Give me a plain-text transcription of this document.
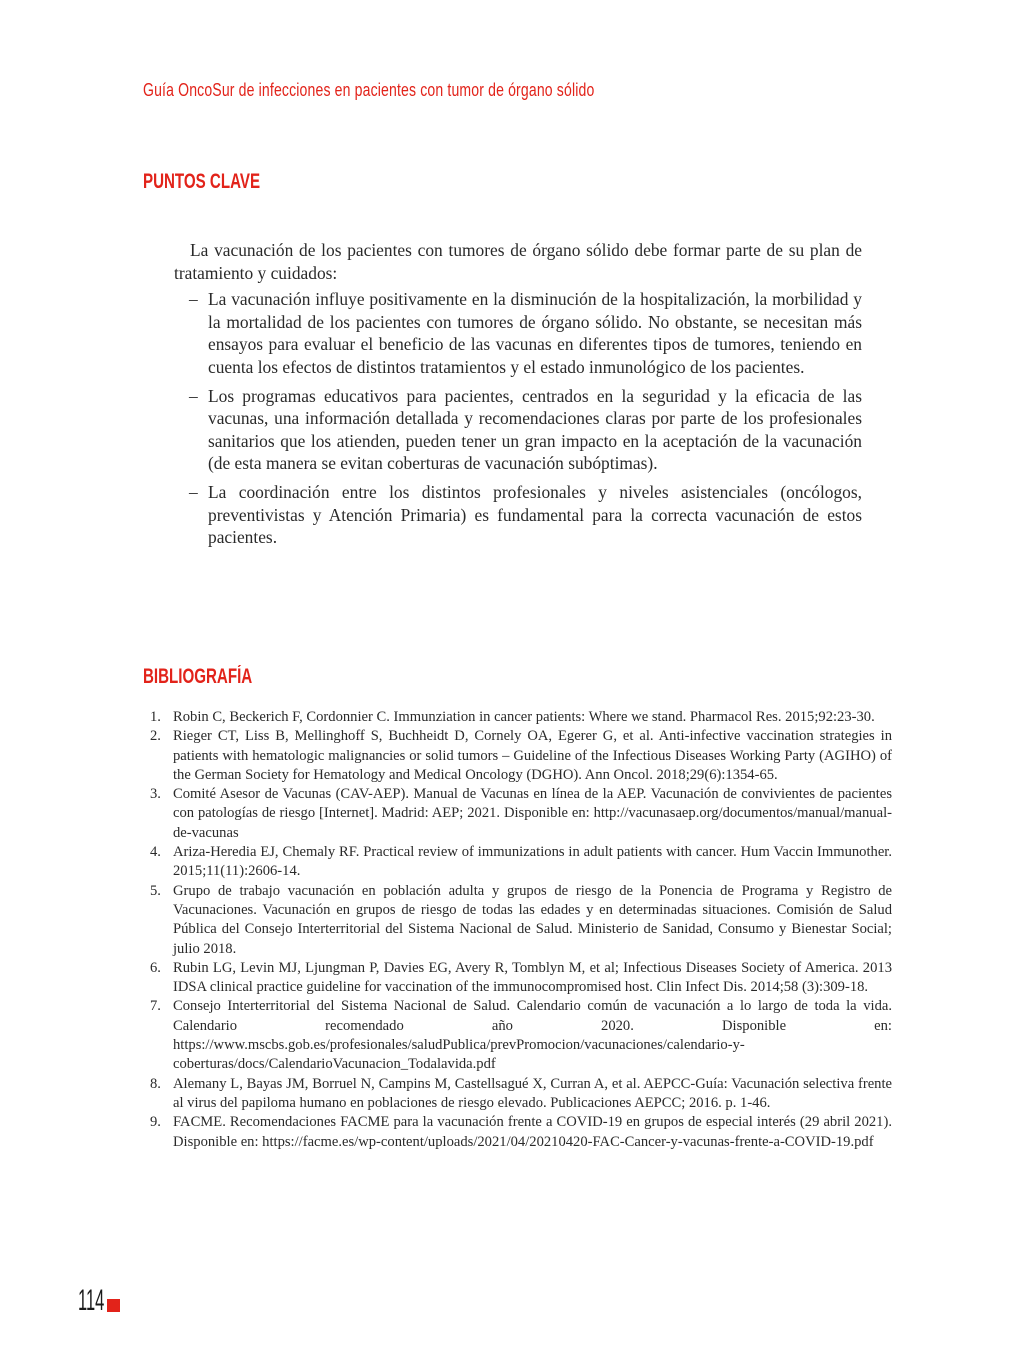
Guía OncoSur de infecciones en pacientes con tumor de órgano sólido
PUNTOS CLAVE

La vacunación de los pacientes con tumores de órgano sólido debe formar parte de su plan de tratamiento y cuidados:

– La vacunación influye positivamente en la disminución de la hospitalización, la morbilidad y la mortalidad de los pacientes con tumores de órgano sólido. No obstante, se necesitan más ensayos para evaluar el beneficio de las vacunas en diferentes tipos de tumores, teniendo en cuenta los efectos de distintos tratamientos y el estado inmunológico de los pacientes.
– Los programas educativos para pacientes, centrados en la seguridad y la eficacia de las vacunas, una información detallada y recomendaciones claras por parte de los profesionales sanitarios que los atienden, pueden tener un gran impacto en la aceptación de la vacunación (de esta manera se evitan coberturas de vacunación subóptimas).
– La coordinación entre los distintos profesionales y niveles asistenciales (oncólogos, preventivistas y Atención Primaria) es fundamental para la correcta vacunación de estos pacientes.
BIBLIOGRAFÍA
1. Robin C, Beckerich F, Cordonnier C. Immunziation in cancer patients: Where we stand. Pharmacol Res. 2015;92:23-30.
2. Rieger CT, Liss B, Mellinghoff S, Buchheidt D, Cornely OA, Egerer G, et al. Anti-infective vaccination strategies in patients with hematologic malignancies or solid tumors – Guideline of the Infectious Diseases Working Party (AGIHO) of the German Society for Hematology and Medical Oncology (DGHO). Ann Oncol. 2018;29(6):1354-65.
3. Comité Asesor de Vacunas (CAV-AEP). Manual de Vacunas en línea de la AEP. Vacunación de convivientes de pacientes con patologías de riesgo [Internet]. Madrid: AEP; 2021. Disponible en: http://vacunasaep.org/documentos/manual/manual-de-vacunas
4. Ariza-Heredia EJ, Chemaly RF. Practical review of immunizations in adult patients with cancer. Hum Vaccin Immunother. 2015;11(11):2606-14.
5. Grupo de trabajo vacunación en población adulta y grupos de riesgo de la Ponencia de Programa y Registro de Vacunaciones. Vacunación en grupos de riesgo de todas las edades y en determinadas situaciones. Comisión de Salud Pública del Consejo Interterritorial del Sistema Nacional de Salud. Ministerio de Sanidad, Consumo y Bienestar Social; julio 2018.
6. Rubin LG, Levin MJ, Ljungman P, Davies EG, Avery R, Tomblyn M, et al; Infectious Diseases Society of America. 2013 IDSA clinical practice guideline for vaccination of the immunocompromised host. Clin Infect Dis. 2014;58 (3):309-18.
7. Consejo Interterritorial del Sistema Nacional de Salud. Calendario común de vacunación a lo largo de toda la vida. Calendario recomendado año 2020. Disponible en: https://www.mscbs.gob.es/profesionales/saludPublica/prevPromocion/vacunaciones/calendario-y-coberturas/docs/CalendarioVacunacion_Todalavida.pdf
8. Alemany L, Bayas JM, Borruel N, Campins M, Castellsagué X, Curran A, et al. AEPCC-Guía: Vacunación selectiva frente al virus del papiloma humano en poblaciones de riesgo elevado. Publicaciones AEPCC; 2016. p. 1-46.
9. FACME. Recomendaciones FACME para la vacunación frente a COVID-19 en grupos de especial interés (29 abril 2021). Disponible en: https://facme.es/wp-content/uploads/2021/04/20210420-FAC-Cancer-y-vacunas-frente-a-COVID-19.pdf
114
